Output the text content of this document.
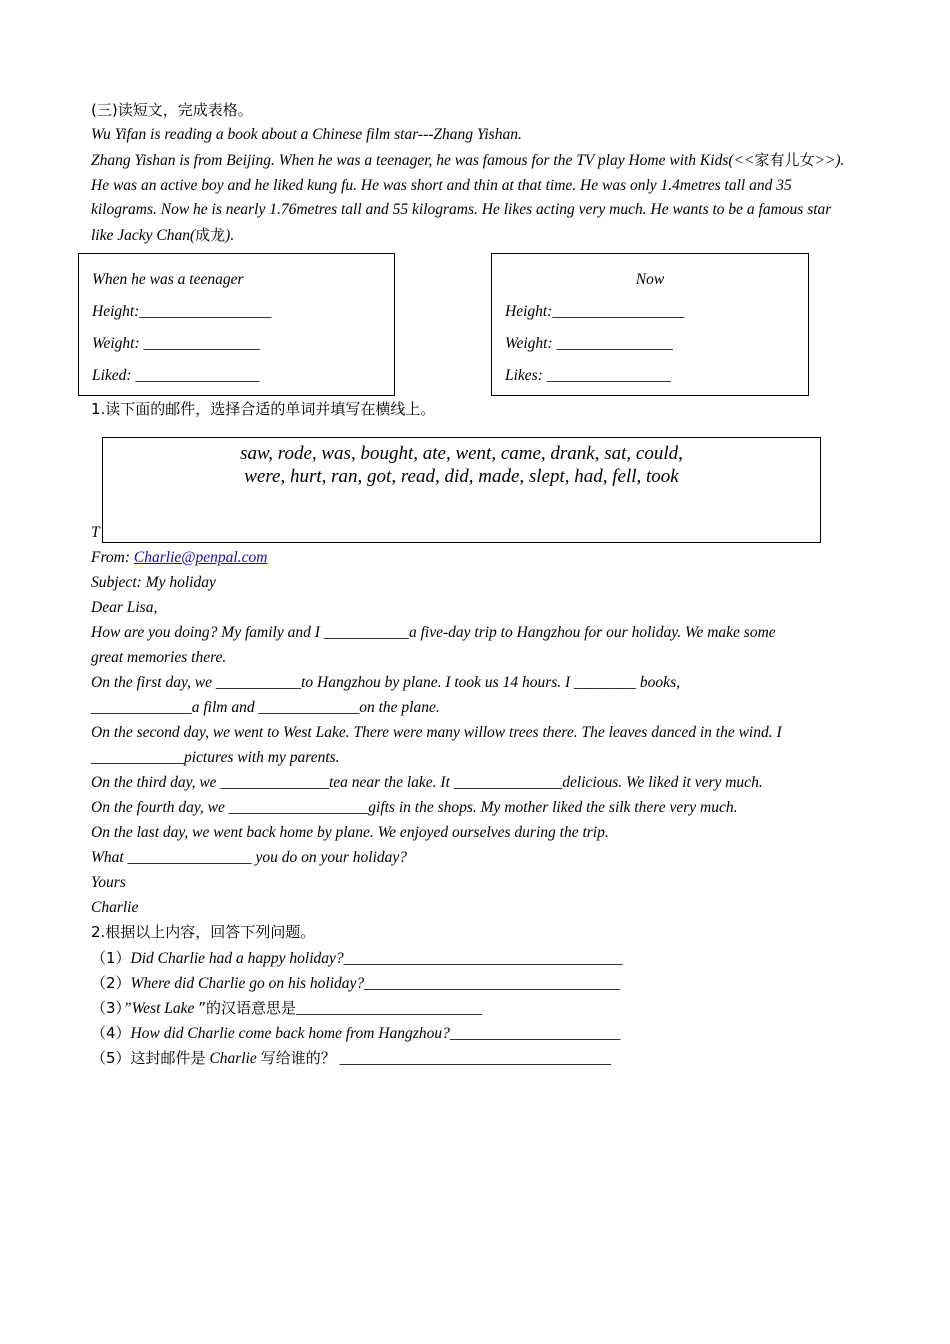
(三)读短文，完成表格。
Wu Yifan is reading a book about a Chinese film star---Zhang Yishan.
Zhang Yishan is from Beijing. When he was a teenager, he was famous for the TV play Home with Kids(<<家有儿女>>). He was an active boy and he liked kung fu. He was short and thin at that time. He was only 1.4metres tall and 35 kilograms. Now he is nearly 1.76metres tall and 55 kilograms. He likes acting very much. He wants to be a famous star like Jacky Chan(成龙).
When he was a teenager
Height:_________________
Weight: _______________
Liked: ________________
Now
Height:_________________
Weight: _______________
Likes: ________________
1.读下面的邮件，选择合适的单词并填写在横线上。
T
saw, rode, was, bought, ate, went, came, drank, sat, could,
were, hurt, ran, got, read, did, made, slept, had, fell, took
From: Charlie@penpal.com
Subject: My holiday
Dear Lisa,
How are you doing? My family and I ___________a five-day trip to Hangzhou for our holiday. We make some
great memories there.
On the first day, we ___________to Hangzhou by plane. I took us 14 hours. I ________ books,
_____________a film and _____________on the plane.
On the second day, we went to West Lake. There were many willow trees there. The leaves danced in the wind. I
____________pictures with my parents.
On the third day, we ______________tea near the lake. It ______________delicious. We liked it very much.
On the fourth day, we __________________gifts in the shops. My mother liked the silk there very much.
On the last day, we went back home by plane. We enjoyed ourselves during the trip.
What ________________ you do on your holiday?
Yours
Charlie
2.根据以上内容，回答下列问题。
（1）Did Charlie had a happy holiday?____________________________________
（2）Where did Charlie go on his holiday?_________________________________
（3）”West Lake ”的汉语意思是________________________
（4）How did Charlie come back home from Hangzhou?______________________
（5）这封邮件是 Charlie 写给谁的？ ___________________________________
